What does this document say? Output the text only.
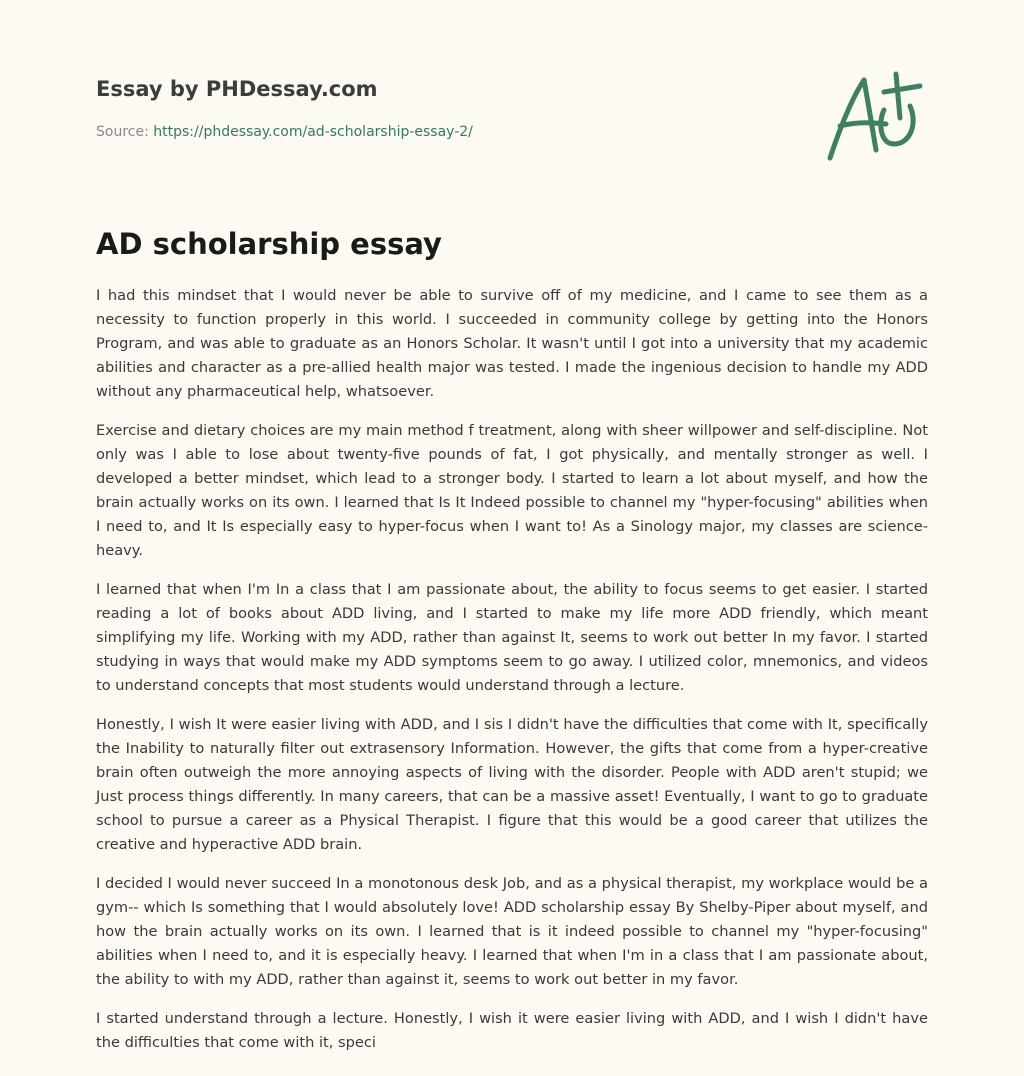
Essay by PHDessay.com
Source: https://phdessay.com/ad-scholarship-essay-2/
AD scholarship essay

I had this mindset that I would never be able to survive off of my medicine, and I came to see them as a necessity to function properly in this world. I succeeded in community college by getting into the Honors Program, and was able to graduate as an Honors Scholar. It wasn't until I got into a university that my academic abilities and character as a pre-allied health major was tested. I made the ingenious decision to handle my ADD without any pharmaceutical help, whatsoever.

Exercise and dietary choices are my main method f treatment, along with sheer willpower and self-discipline. Not only was I able to lose about twenty-five pounds of fat, I got physically, and mentally stronger as well. I developed a better mindset, which lead to a stronger body. I started to learn a lot about myself, and how the brain actually works on its own. I learned that Is It Indeed possible to channel my "hyper-focusing" abilities when I need to, and It Is especially easy to hyper-focus when I want to! As a Sinology major, my classes are science-heavy.

I learned that when I'm In a class that I am passionate about, the ability to focus seems to get easier. I started reading a lot of books about ADD living, and I started to make my life more ADD friendly, which meant simplifying my life. Working with my ADD, rather than against It, seems to work out better In my favor. I started studying in ways that would make my ADD symptoms seem to go away. I utilized color, mnemonics, and videos to understand concepts that most students would understand through a lecture.

Honestly, I wish It were easier living with ADD, and I sis I didn't have the difficulties that come with It, specifically the Inability to naturally filter out extrasensory Information. However, the gifts that come from a hyper-creative brain often outweigh the more annoying aspects of living with the disorder. People with ADD aren't stupid; we Just process things differently. In many careers, that can be a massive asset! Eventually, I want to go to graduate school to pursue a career as a Physical Therapist. I figure that this would be a good career that utilizes the creative and hyperactive ADD brain.

I decided I would never succeed In a monotonous desk Job, and as a physical therapist, my workplace would be a gym-- which Is something that I would absolutely love! ADD scholarship essay By Shelby-Piper about myself, and how the brain actually works on its own. I learned that is it indeed possible to channel my "hyper-focusing" abilities when I need to, and it is especially heavy. I learned that when I'm in a class that I am passionate about, the ability to with my ADD, rather than against it, seems to work out better in my favor.

I started understand through a lecture. Honestly, I wish it were easier living with ADD, and I wish I didn't have the difficulties that come with it, speci
